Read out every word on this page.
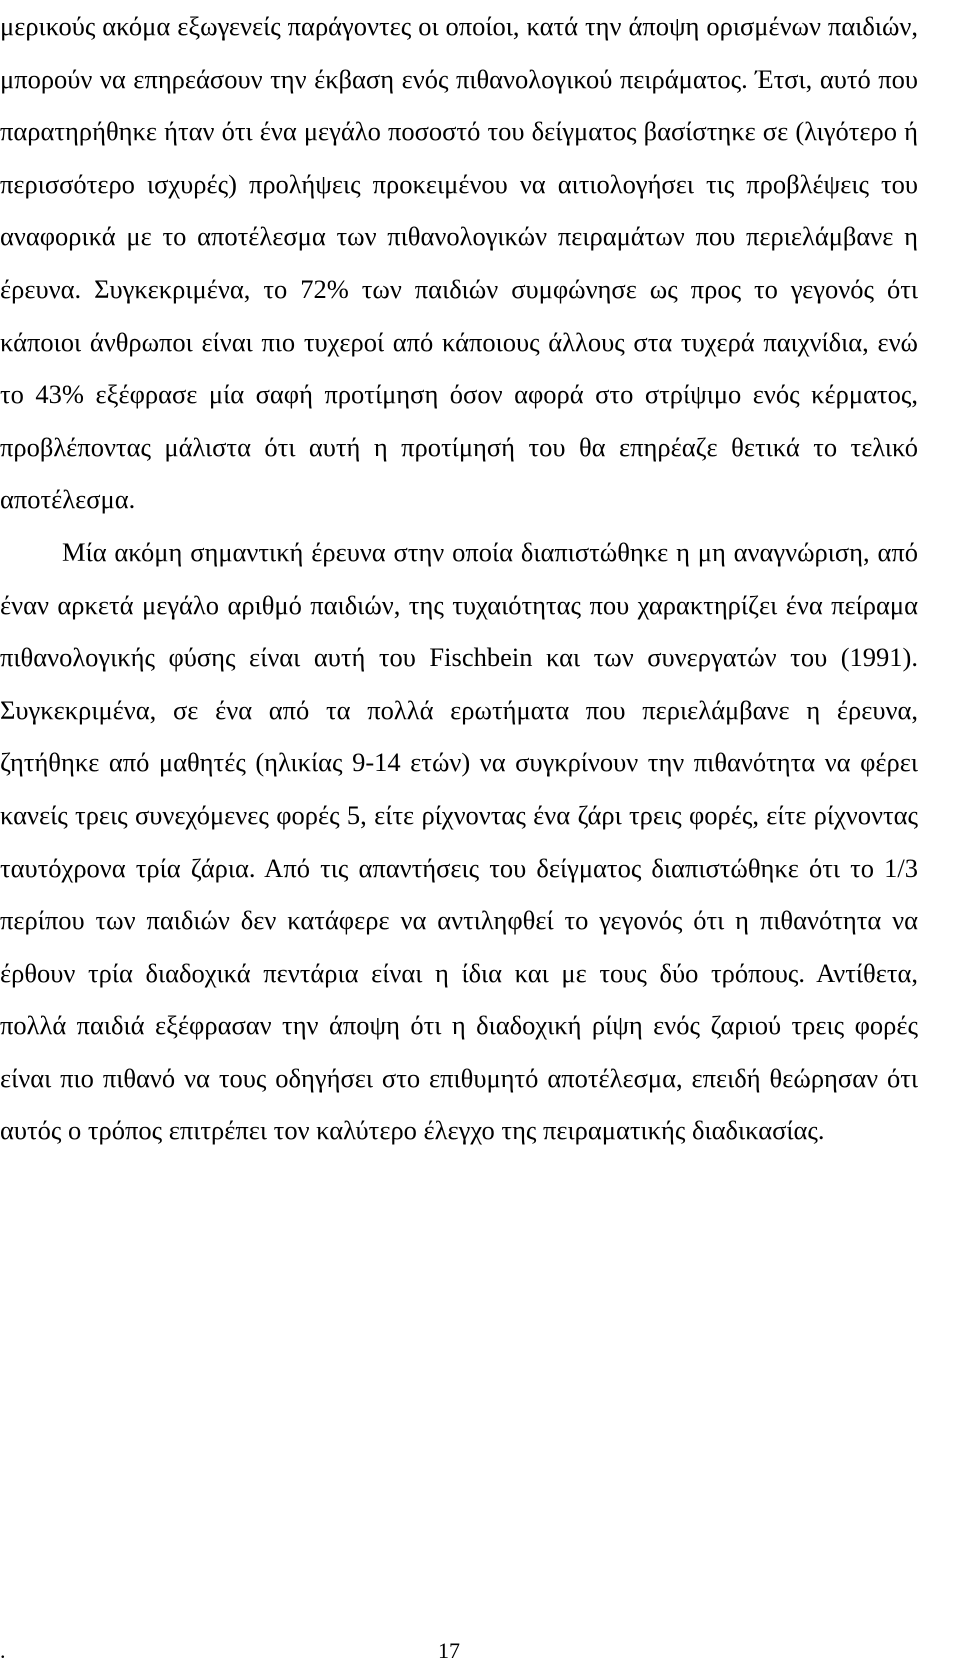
μερικούς ακόμα εξωγενείς παράγοντες οι οποίοι, κατά την άποψη ορισμένων παιδιών, μπορούν να επηρεάσουν την έκβαση ενός πιθανολογικού πειράματος. Έτσι, αυτό που παρατηρήθηκε ήταν ότι ένα μεγάλο ποσοστό του δείγματος βασίστηκε σε (λιγότερο ή περισσότερο ισχυρές) προλήψεις προκειμένου να αιτιολογήσει τις προβλέψεις του αναφορικά με το αποτέλεσμα των πιθανολογικών πειραμάτων που περιελάμβανε η έρευνα. Συγκεκριμένα, το 72% των παιδιών συμφώνησε ως προς το γεγονός ότι κάποιοι άνθρωποι είναι πιο τυχεροί από κάποιους άλλους στα τυχερά παιχνίδια, ενώ το 43% εξέφρασε μία σαφή προτίμηση όσον αφορά στο στρίψιμο ενός κέρματος, προβλέποντας μάλιστα ότι αυτή η προτίμησή του θα επηρέαζε θετικά το τελικό αποτέλεσμα.

Μία ακόμη σημαντική έρευνα στην οποία διαπιστώθηκε η μη αναγνώριση, από έναν αρκετά μεγάλο αριθμό παιδιών, της τυχαιότητας που χαρακτηρίζει ένα πείραμα πιθανολογικής φύσης είναι αυτή του Fischbein και των συνεργατών του (1991). Συγκεκριμένα, σε ένα από τα πολλά ερωτήματα που περιελάμβανε η έρευνα, ζητήθηκε από μαθητές (ηλικίας 9-14 ετών) να συγκρίνουν την πιθανότητα να φέρει κανείς τρεις συνεχόμενες φορές 5, είτε ρίχνοντας ένα ζάρι τρεις φορές, είτε ρίχνοντας ταυτόχρονα τρία ζάρια. Από τις απαντήσεις του δείγματος διαπιστώθηκε ότι το 1/3 περίπου των παιδιών δεν κατάφερε να αντιληφθεί το γεγονός ότι η πιθανότητα να έρθουν τρία διαδοχικά πεντάρια είναι η ίδια και με τους δύο τρόπους. Αντίθετα, πολλά παιδιά εξέφρασαν την άποψη ότι η διαδοχική ρίψη ενός ζαριού τρεις φορές είναι πιο πιθανό να τους οδηγήσει στο επιθυμητό αποτέλεσμα, επειδή θεώρησαν ότι αυτός ο τρόπος επιτρέπει τον καλύτερο έλεγχο της πειραματικής διαδικασίας.

.	17
